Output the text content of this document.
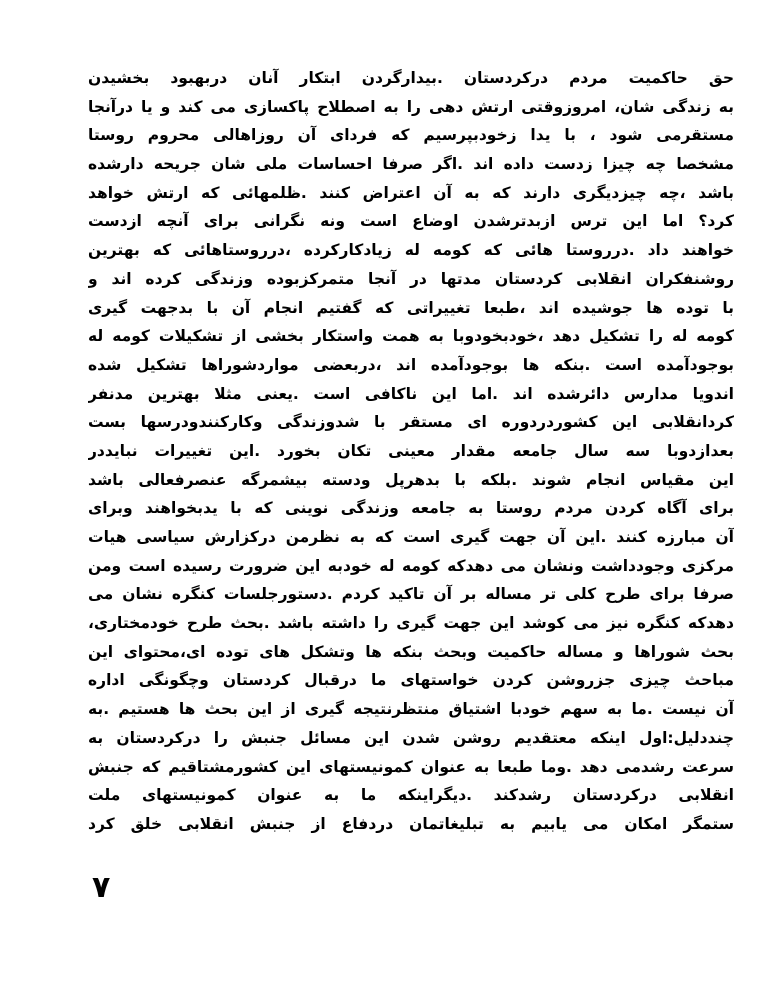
حق حاکمیت مردم درکردستان .بیدارگردن ابتکار آنان دربهبود بخشیدن
به زندگی شان، امروزوقتی ارتش دهی را به اصطلاح پاکسازی می کند و یا درآنجا
مستقرمی شود ، با یدا زخودبپرسیم که فردای آن روزاهالی محروم روستا
مشخصا چه چیزا زدست داده اند .اگر صرفا احساسات ملی شان جریحه دارشده
باشد ،چه چیزدیگری دارند که به آن اعتراض کنند .ظلمهائی که ارتش خواهد
کرد؟ اما این ترس ازبدترشدن اوضاع است ونه نگرانی برای آنچه ازدست
خواهند داد .درروستا هائی که کومه له زیادکارکرده ،درروستاهائی که بهترین
روشنفکران انقلابی کردستان مدتها در آنجا متمرکزبوده وزندگی کرده اند و
با توده ها جوشیده اند ،طبعا تغییراتی که گفتیم انجام آن با بدجهت گیری
کومه له را تشکیل دهد ،خودبخودوبا به همت واستکار بخشی از تشکیلات کومه له
بوجودآمده است .بنکه ها بوجودآمده اند ،دربعضی مواردشوراها تشکیل شده
اندویا مدارس دائرشده اند .اما این ناکافی است .یعنی مثلا بهترین مدنفر
کردانقلابی این کشوردردوره ای مستقر با شدوزندگی وکارکنندودرسها بست
بعدازدوبا سه سال جامعه مقدار معینی تکان بخورد .این تغییرات نبایددر
این مقیاس انجام شوند .بلکه با بدهرپل ودسته بیشمرگه عنصرفعالی باشد
برای آگاه کردن مردم روستا به جامعه وزندگی نوینی که با یدبخواهند وبرای
آن مبارزه کنند .این آن جهت گیری است که به نظرمن درکزارش سیاسی هیات
مرکزی وجودداشت ونشان می دهدکه کومه له خودبه این ضرورت رسیده است ومن
صرفا برای طرح کلی تر مساله بر آن تاکید کردم .دستورجلسات کنگره نشان می
دهدکه کنگره نیز می کوشد این جهت گیری را داشته باشد .بحث طرح خودمختاری،
بحث شوراها و مساله حاکمیت وبحث بنکه ها وتشکل های توده ای،محتوای این
مباحث چیزی جزروشن کردن خواستهای ما درقبال کردستان وچگونگی اداره
آن نیست .ما به سهم خودبا اشتیاق منتظرنتیجه گیری از این بحث ها هستیم .به
چنددلیل:اول اینکه معتقدیم روشن شدن این مسائل جنبش را درکردستان به
سرعت رشدمی دهد .وما طبعا به عنوان کمونیستهای این کشورمشتاقیم که جنبش
انقلابی درکردستان رشدکند .دیگراینکه ما به عنوان کمونیستهای ملت
ستمگر امکان می یابیم به تبلیغاتمان دردفاع از جنبش انقلابی خلق کرد
۷
